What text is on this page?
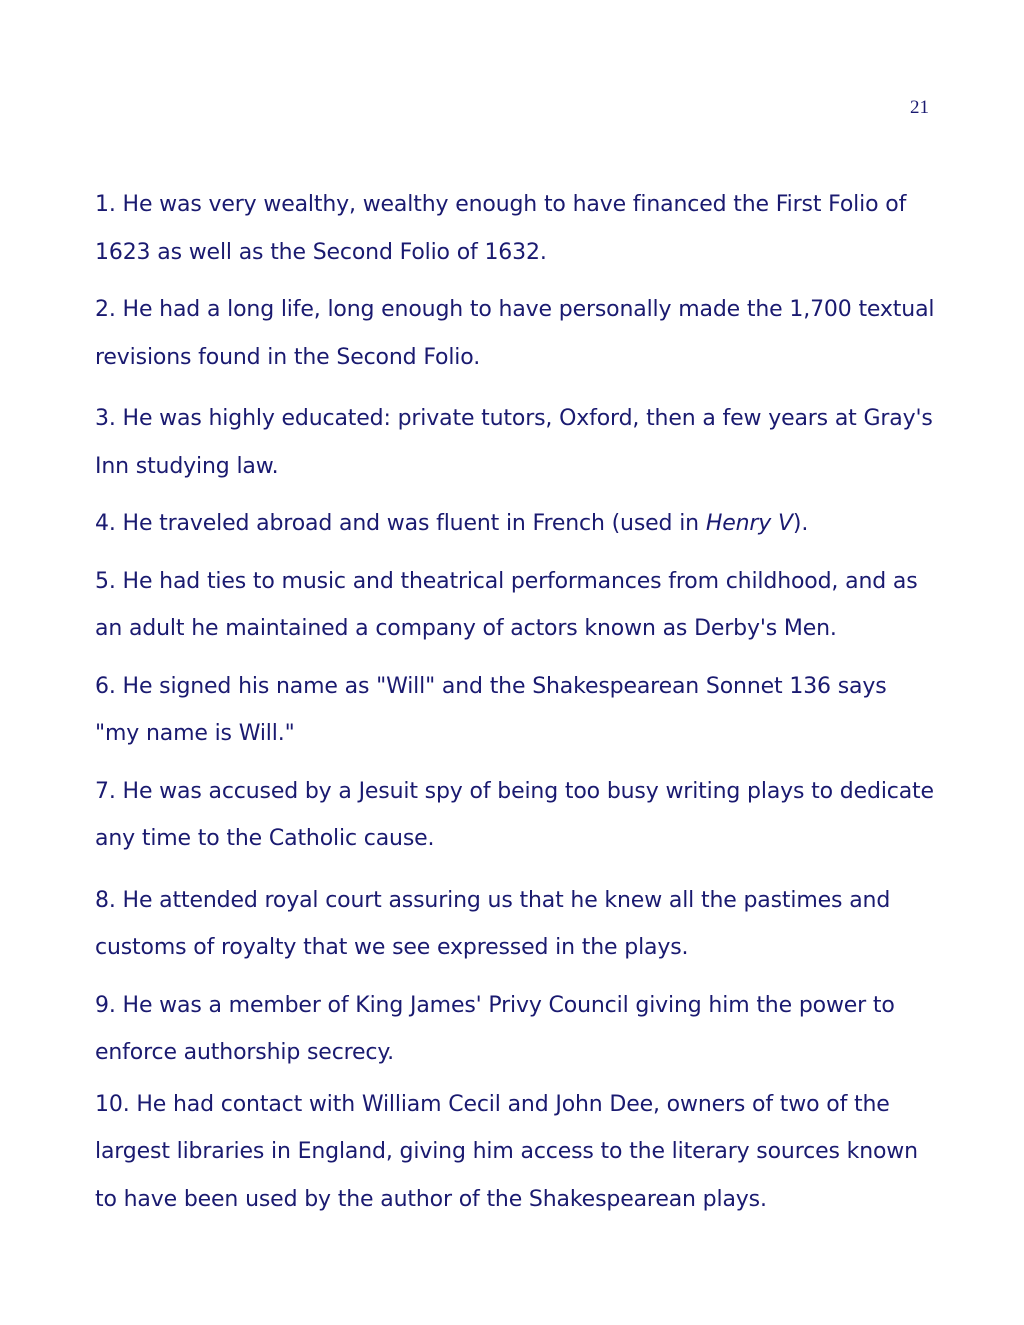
21

1. He was very wealthy, wealthy enough to have financed the First Folio of 1623 as well as the Second Folio of 1632.

2. He had a long life, long enough to have personally made the 1,700 textual revisions found in the Second Folio.

3. He was highly educated: private tutors, Oxford, then a few years at Gray's Inn studying law.

4. He traveled abroad and was fluent in French (used in Henry V).

5. He had ties to music and theatrical performances from childhood, and as an adult he maintained a company of actors known as Derby's Men.

6. He signed his name as "Will" and the Shakespearean Sonnet 136 says "my name is Will."

7. He was accused by a Jesuit spy of being too busy writing plays to dedicate any time to the Catholic cause.

8. He attended royal court assuring us that he knew all the pastimes and customs of royalty that we see expressed in the plays.

9. He was a member of King James' Privy Council giving him the power to enforce authorship secrecy.

10. He had contact with William Cecil and John Dee, owners of two of the largest libraries in England, giving him access to the literary sources known to have been used by the author of the Shakespearean plays.
